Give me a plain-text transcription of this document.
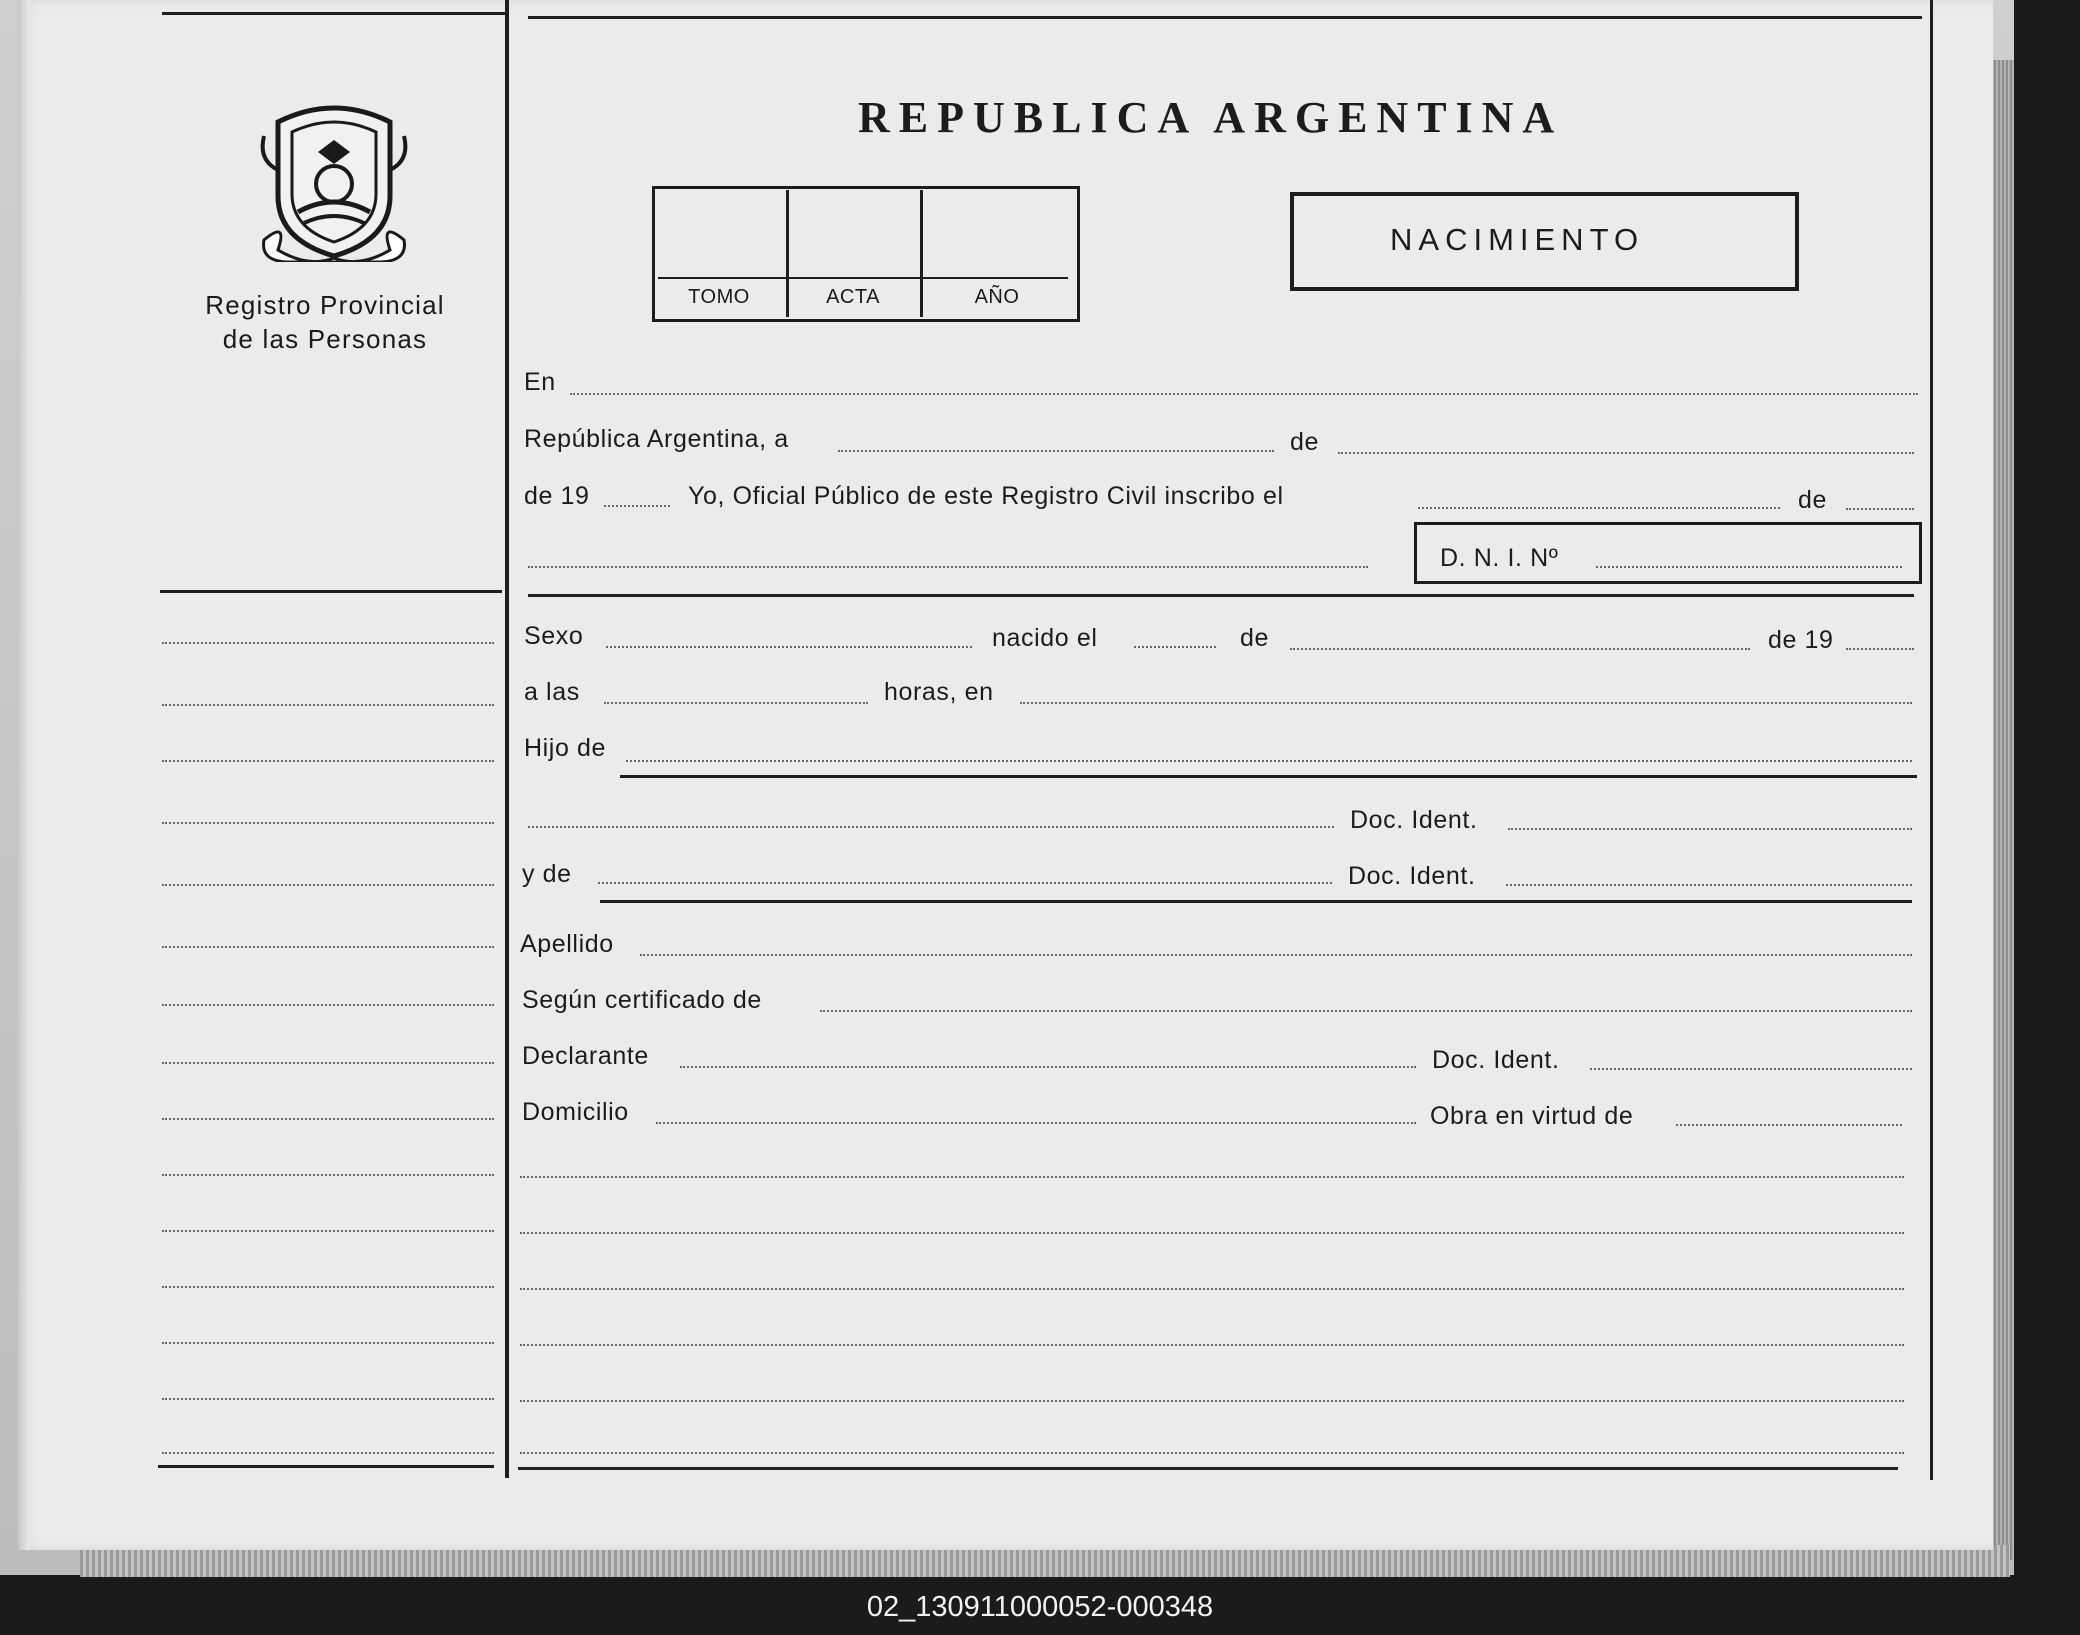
Registro Provincial
de las Personas
REPUBLICA ARGENTINA
TOMO	ACTA	AÑO
NACIMIENTO
En
República Argentina, a	de
de 19	Yo, Oficial Público de este Registro Civil inscribo el	de
D. N. I. Nº
Sexo	nacido el	de	de 19
a las	horas, en
Hijo de
Doc. Ident.
y de	Doc. Ident.
Apellido
Según certificado de
Declarante	Doc. Ident.
Domicilio	Obra en virtud de
02_130911000052-000348
